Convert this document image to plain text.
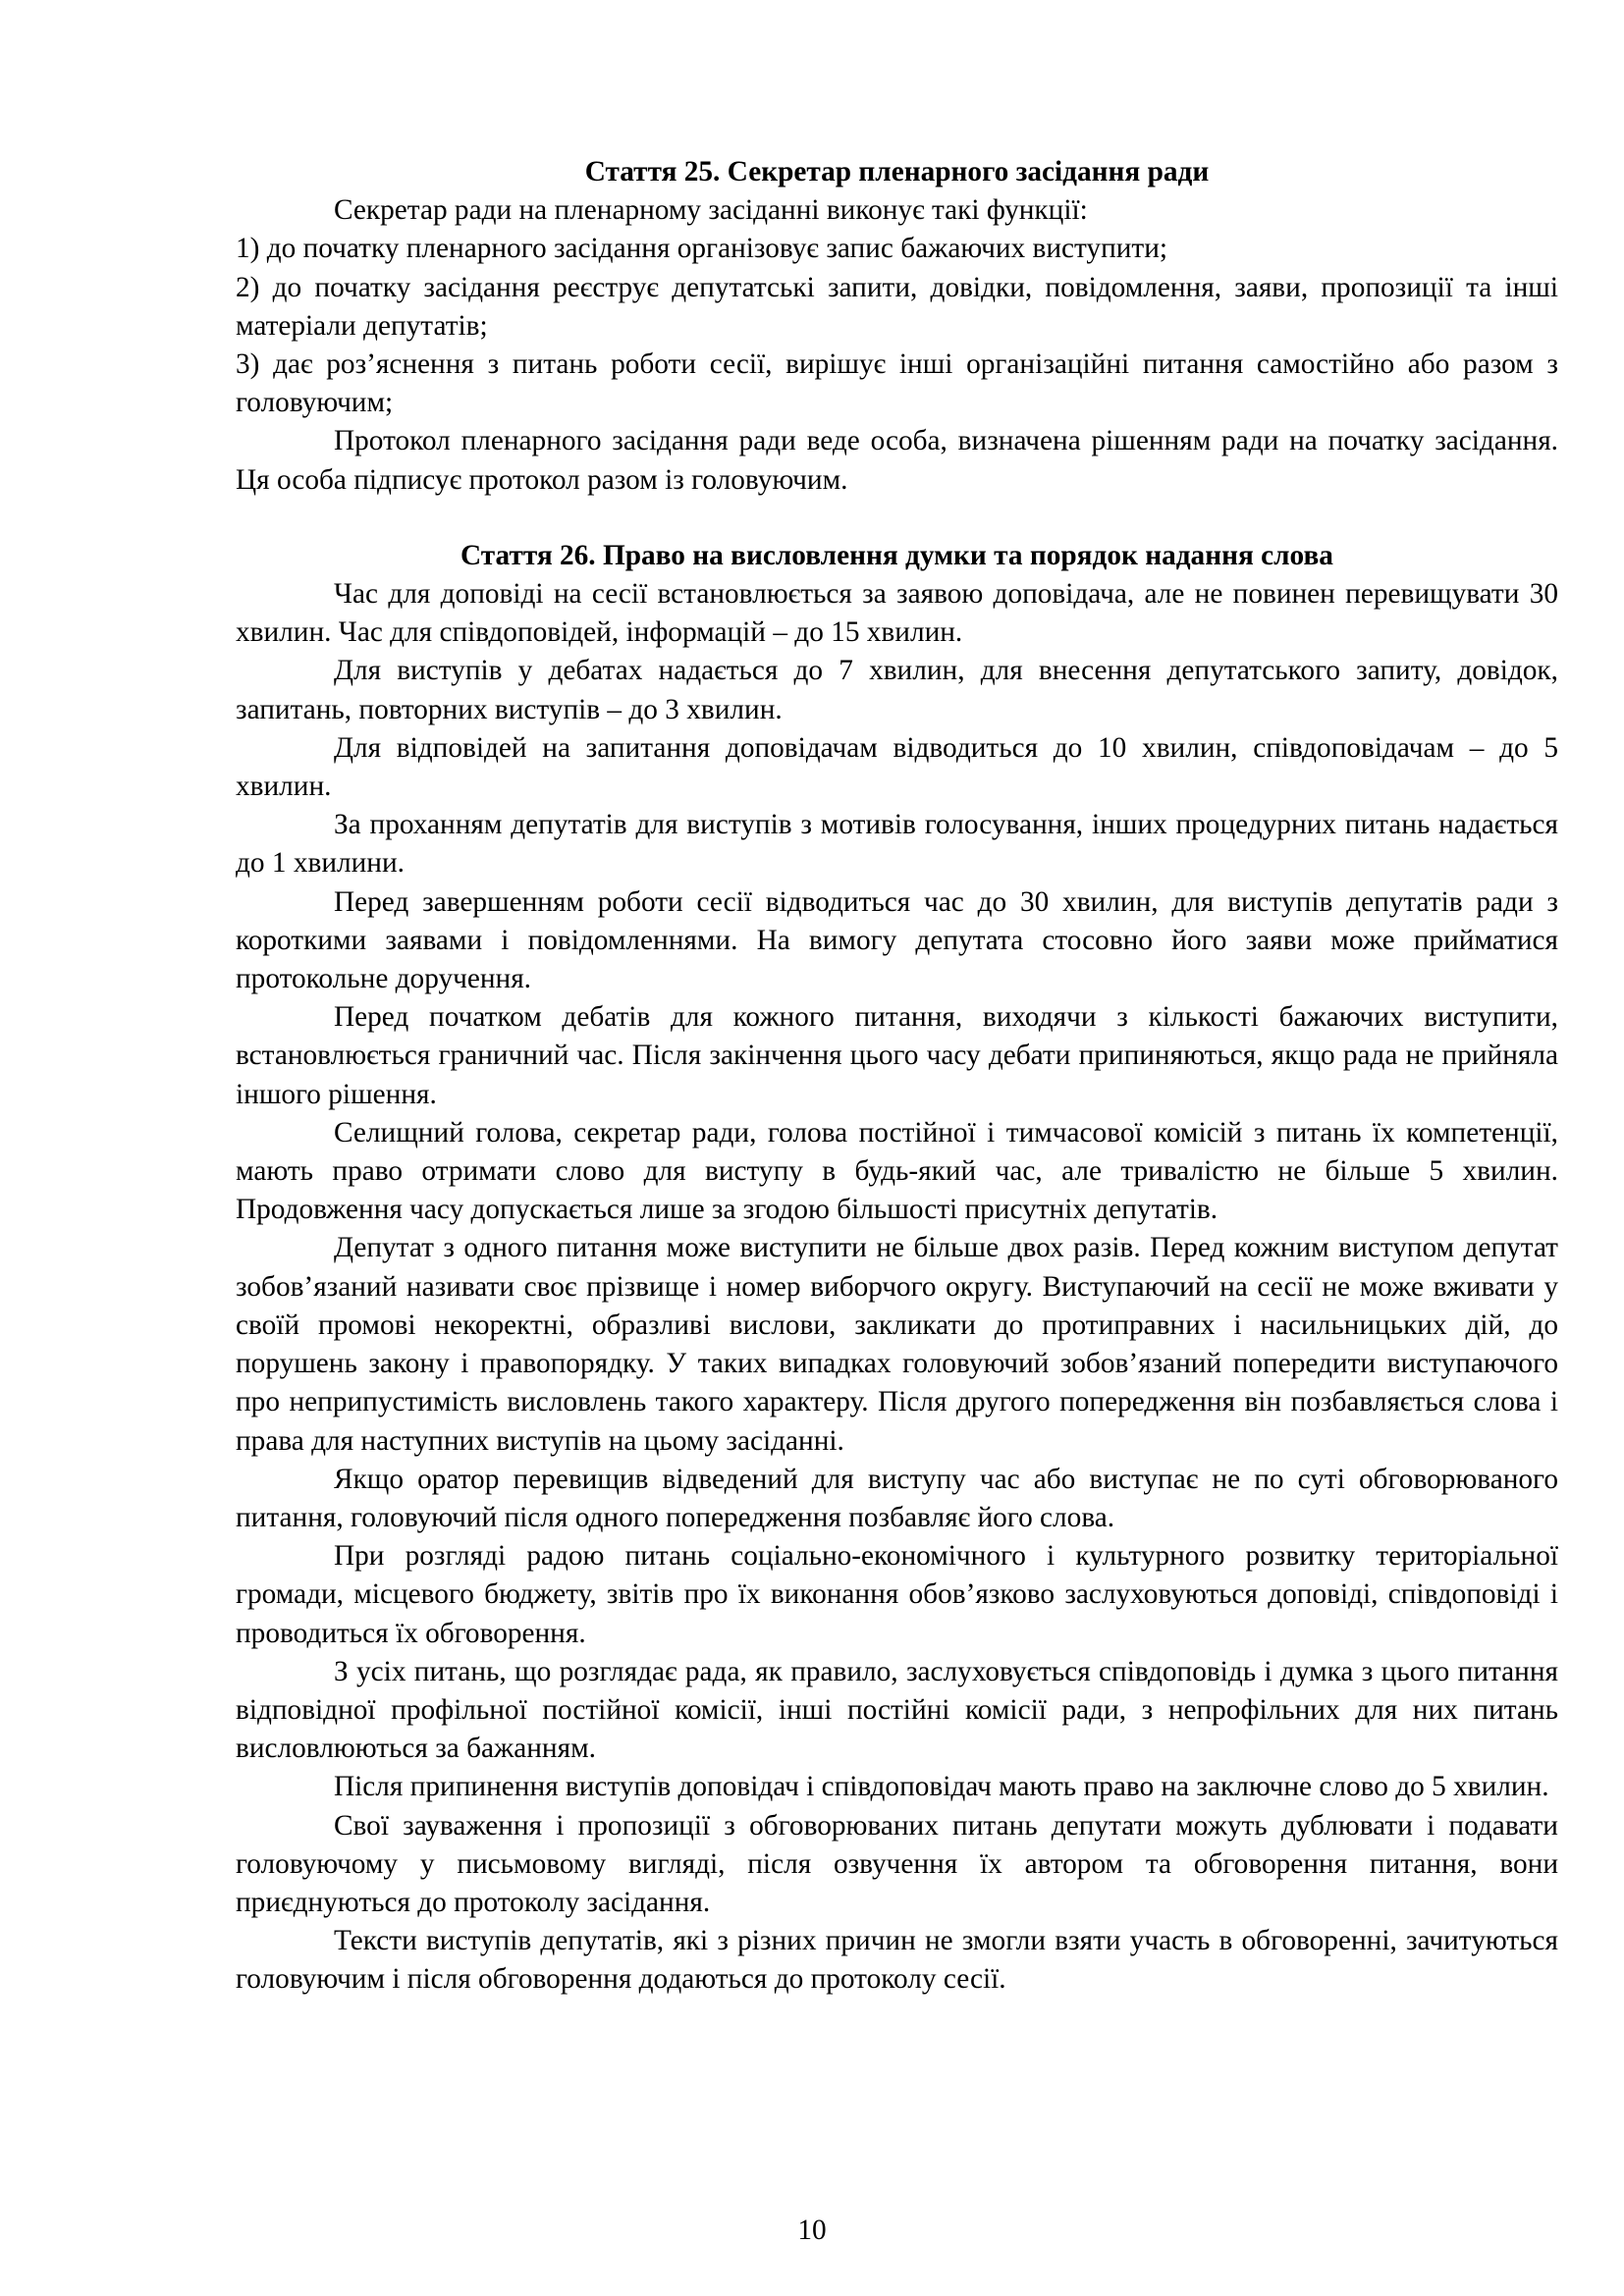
Стаття 25. Секретар пленарного засідання ради

Секретар ради на пленарному засіданні виконує такі функції:

1) до початку пленарного засідання організовує запис бажаючих виступити;

2) до початку засідання реєструє депутатські запити, довідки, повідомлення, заяви, пропозиції та інші матеріали депутатів;

3) дає роз’яснення з питань роботи сесії, вирішує інші організаційні питання самостійно або разом з головуючим;

Протокол пленарного засідання ради веде особа, визначена рішенням ради на початку засідання. Ця особа підписує протокол разом із головуючим.

Стаття 26. Право на висловлення думки та порядок надання слова

Час для доповіді на сесії встановлюється за заявою доповідача, але не повинен перевищувати 30 хвилин. Час для співдоповідей, інформацій – до 15 хвилин.

Для виступів у дебатах надається до 7 хвилин, для внесення депутатського запиту, довідок, запитань, повторних виступів – до 3 хвилин.

Для відповідей на запитання доповідачам відводиться до 10 хвилин, співдоповідачам – до 5 хвилин.

За проханням депутатів для виступів з мотивів голосування, інших процедурних питань надається до 1 хвилини.

Перед завершенням роботи сесії відводиться час до 30 хвилин, для виступів депутатів ради з короткими заявами і повідомленнями. На вимогу депутата стосовно його заяви може прийматися протокольне доручення.

Перед початком дебатів для кожного питання, виходячи з кількості бажаючих виступити, встановлюється граничний час. Після закінчення цього часу дебати припиняються, якщо рада не прийняла іншого рішення.

Селищний голова, секретар ради, голова постійної і тимчасової комісій з питань їх компетенції, мають право отримати слово для виступу в будь-який час, але тривалістю не більше 5 хвилин. Продовження часу допускається лише за згодою більшості присутніх депутатів.

Депутат з одного питання може виступити не більше двох разів. Перед кожним виступом депутат зобов’язаний називати своє прізвище і номер виборчого округу. Виступаючий на сесії не може вживати у своїй промові некоректні, образливі вислови, закликати до протиправних і насильницьких дій, до порушень закону і правопорядку. У таких випадках головуючий зобов’язаний попередити виступаючого про неприпустимість висловлень такого характеру. Після другого попередження він позбавляється слова і права для наступних виступів на цьому засіданні.

Якщо оратор перевищив відведений для виступу час або виступає не по суті обговорюваного питання, головуючий після одного попередження позбавляє його слова.

При розгляді радою питань соціально-економічного і культурного розвитку територіальної громади, місцевого бюджету, звітів про їх виконання обов’язково заслуховуються доповіді, співдоповіді і проводиться їх обговорення.

З усіх питань, що розглядає рада, як правило, заслуховується співдоповідь і думка з цього питання відповідної профільної постійної комісії, інші постійні комісії ради, з непрофільних для них питань висловлюються за бажанням.

Після припинення виступів доповідач і співдоповідач мають право на заключне слово до 5 хвилин.

Свої зауваження і пропозиції з обговорюваних питань депутати можуть дублювати і подавати головуючому у письмовому вигляді, після озвучення їх автором та обговорення питання, вони приєднуються до протоколу засідання.

Тексти виступів депутатів, які з різних причин не змогли взяти участь в обговоренні, зачитуються головуючим і після обговорення додаються до протоколу сесії.

10
